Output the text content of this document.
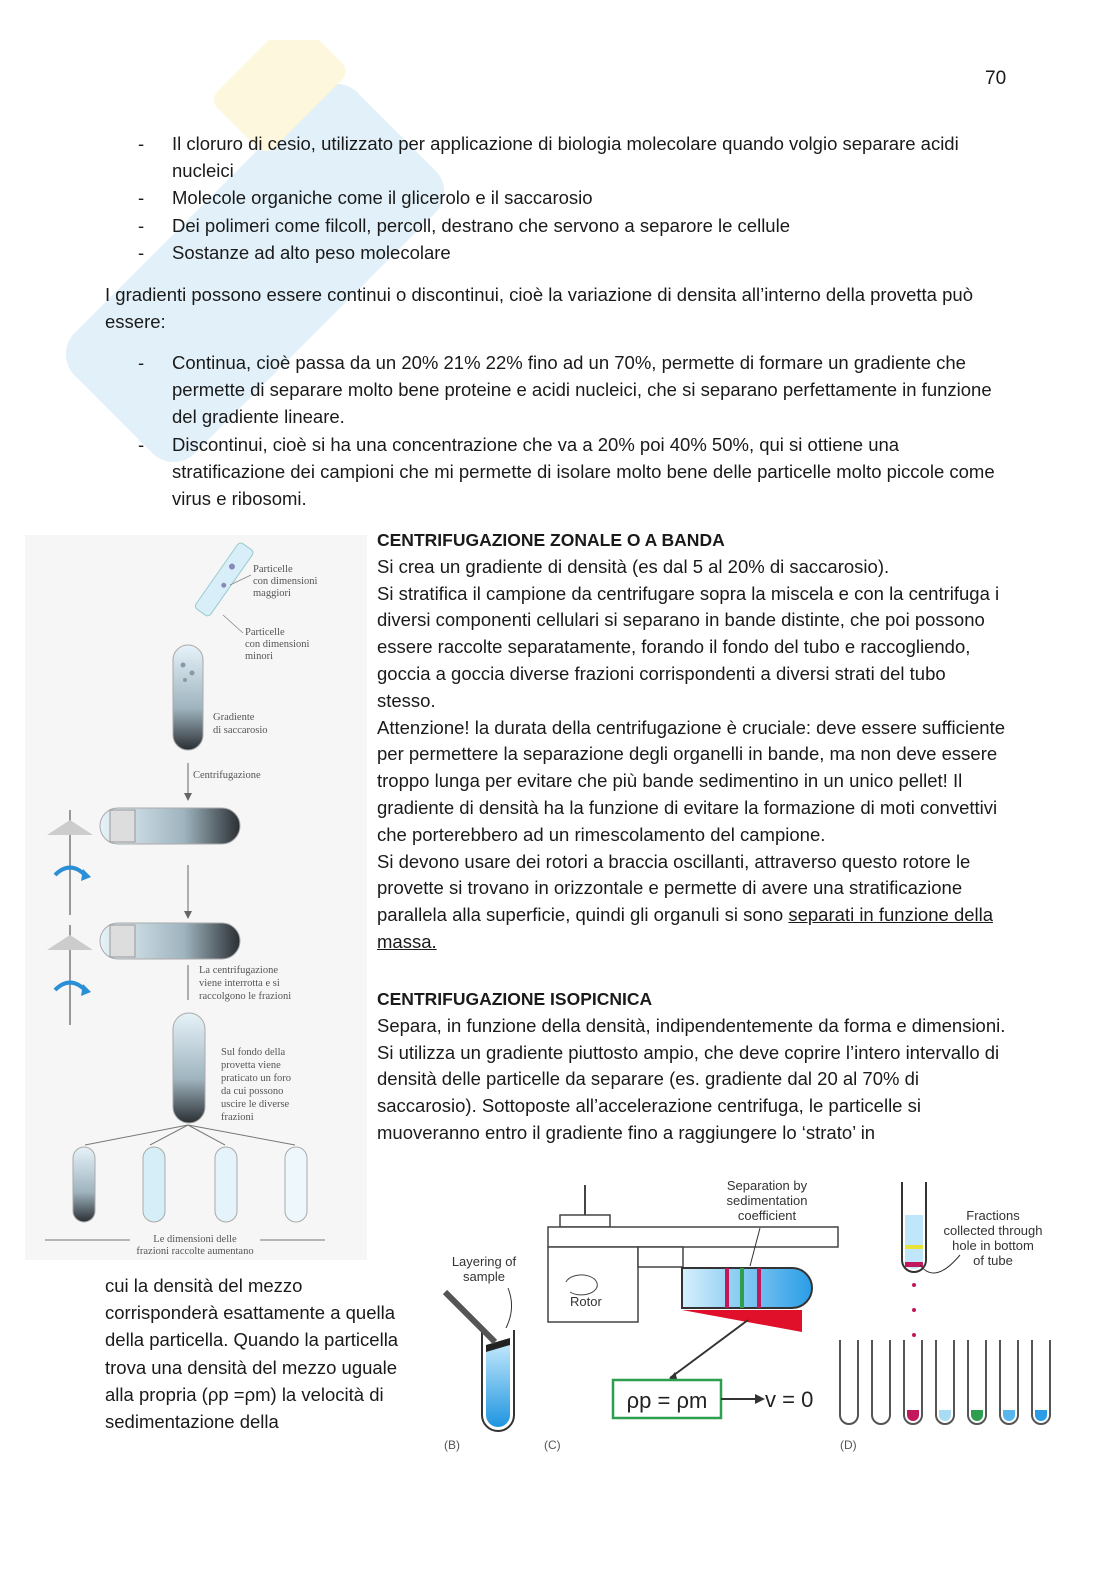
70
- Il cloruro di cesio, utilizzato per applicazione di biologia molecolare quando volgio separare acidi nucleici
- Molecole organiche come il glicerolo e il saccarosio
- Dei polimeri come filcoll, percoll, destrano che servono a separore le cellule
- Sostanze ad alto peso molecolare

I gradienti possono essere continui o discontinui, cioè la variazione di densita all’interno della provetta può essere:

- Continua, cioè passa da un 20% 21% 22% fino ad un 70%, permette di formare un gradiente che permette di separare molto bene proteine e acidi nucleici, che si separano perfettamente in funzione del gradiente lineare.
- Discontinui, cioè si ha una concentrazione che va a 20% poi 40% 50%, qui si ottiene una stratificazione dei campioni che mi permette di isolare molto bene delle particelle molto piccole come virus e ribosomi.
Particelle con dimensioni maggiori
Particelle con dimensioni minori
Gradiente di saccarosio
Centrifugazione
La centrifugazione viene interrotta e si raccolgono le frazioni
Sul fondo della provetta viene praticato un foro da cui possono uscire le diverse frazioni
Le dimensioni delle frazioni raccolte aumentano
CENTRIFUGAZIONE ZONALE O A BANDA

Si crea un gradiente di densità (es dal 5 al 20% di saccarosio).

Si stratifica il campione da centrifugare sopra la miscela e con la centrifuga i diversi componenti cellulari si separano in bande distinte, che poi possono essere raccolte separatamente, forando il fondo del tubo e raccogliendo, goccia a goccia diverse frazioni corrispondenti a diversi strati del tubo stesso.

Attenzione! la durata della centrifugazione è cruciale: deve essere sufficiente per permettere la separazione degli organelli in bande, ma non deve essere troppo lunga per evitare che più bande sedimentino in un unico pellet! Il gradiente di densità ha la funzione di evitare la formazione di moti convettivi che porterebbero ad un rimescolamento del campione.

Si devono usare dei rotori a braccia oscillanti, attraverso questo rotore le provette si trovano in orizzontale e permette di avere una stratificazione parallela alla superficie, quindi gli organuli si sono separati in funzione della massa.

CENTRIFUGAZIONE ISOPICNICA

Separa, in funzione della densità, indipendentemente da forma e dimensioni. Si utilizza un gradiente piuttosto ampio, che deve coprire l’intero intervallo di densità delle particelle da separare (es. gradiente dal 20 al 70% di saccarosio). Sottoposte all’accelerazione centrifuga, le particelle si muoveranno entro il gradiente fino a raggiungere lo ‘strato’ in

cui la densità del mezzo corrisponderà esattamente a quella della particella. Quando la particella trova una densità del mezzo uguale alla propria (ρp =ρm) la velocità di sedimentazione della

Layering of sample
(B)
Rotor
Separation by sedimentation coefficient
ρp = ρm	v = 0
(C)
Fractions collected through hole in bottom of tube
(D)
